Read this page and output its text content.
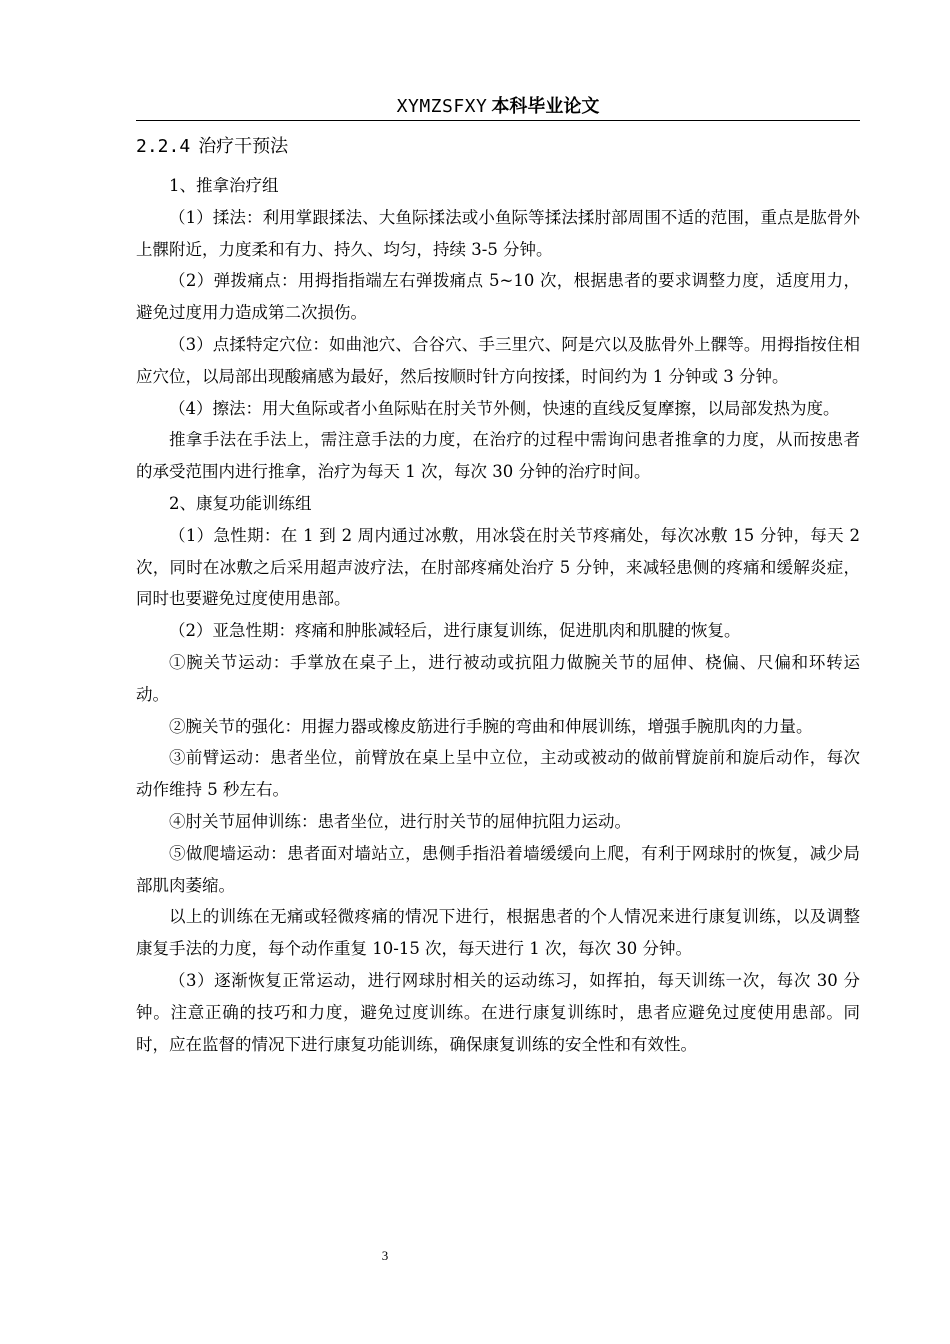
XYMZSFXY 本科毕业论文
2.2.4 治疗干预法

1、推拿治疗组

（1）揉法：利用掌跟揉法、大鱼际揉法或小鱼际等揉法揉肘部周围不适的范围，重点是肱骨外上髁附近，力度柔和有力、持久、均匀，持续 3-5 分钟。

（2）弹拨痛点：用拇指指端左右弹拨痛点 5~10 次，根据患者的要求调整力度，适度用力，避免过度用力造成第二次损伤。

（3）点揉特定穴位：如曲池穴、合谷穴、手三里穴、阿是穴以及肱骨外上髁等。用拇指按住相应穴位，以局部出现酸痛感为最好，然后按顺时针方向按揉，时间约为 1 分钟或 3 分钟。

（4）擦法：用大鱼际或者小鱼际贴在肘关节外侧，快速的直线反复摩擦，以局部发热为度。

推拿手法在手法上，需注意手法的力度，在治疗的过程中需询问患者推拿的力度，从而按患者的承受范围内进行推拿，治疗为每天 1 次，每次 30 分钟的治疗时间。

2、康复功能训练组

（1）急性期：在 1 到 2 周内通过冰敷，用冰袋在肘关节疼痛处，每次冰敷 15 分钟，每天 2 次，同时在冰敷之后采用超声波疗法，在肘部疼痛处治疗 5 分钟，来减轻患侧的疼痛和缓解炎症，同时也要避免过度使用患部。

（2）亚急性期：疼痛和肿胀减轻后，进行康复训练，促进肌肉和肌腱的恢复。

①腕关节运动：手掌放在桌子上，进行被动或抗阻力做腕关节的屈伸、桡偏、尺偏和环转运动。

②腕关节的强化：用握力器或橡皮筋进行手腕的弯曲和伸展训练，增强手腕肌肉的力量。

③前臂运动：患者坐位，前臂放在桌上呈中立位，主动或被动的做前臂旋前和旋后动作，每次动作维持 5 秒左右。

④肘关节屈伸训练：患者坐位，进行肘关节的屈伸抗阻力运动。

⑤做爬墙运动：患者面对墙站立，患侧手指沿着墙缓缓向上爬，有利于网球肘的恢复，减少局部肌肉萎缩。

以上的训练在无痛或轻微疼痛的情况下进行，根据患者的个人情况来进行康复训练，以及调整康复手法的力度，每个动作重复 10-15 次，每天进行 1 次，每次 30 分钟。

（3）逐渐恢复正常运动，进行网球肘相关的运动练习，如挥拍，每天训练一次，每次 30 分钟。注意正确的技巧和力度，避免过度训练。在进行康复训练时，患者应避免过度使用患部。同时，应在监督的情况下进行康复功能训练，确保康复训练的安全性和有效性。

3
